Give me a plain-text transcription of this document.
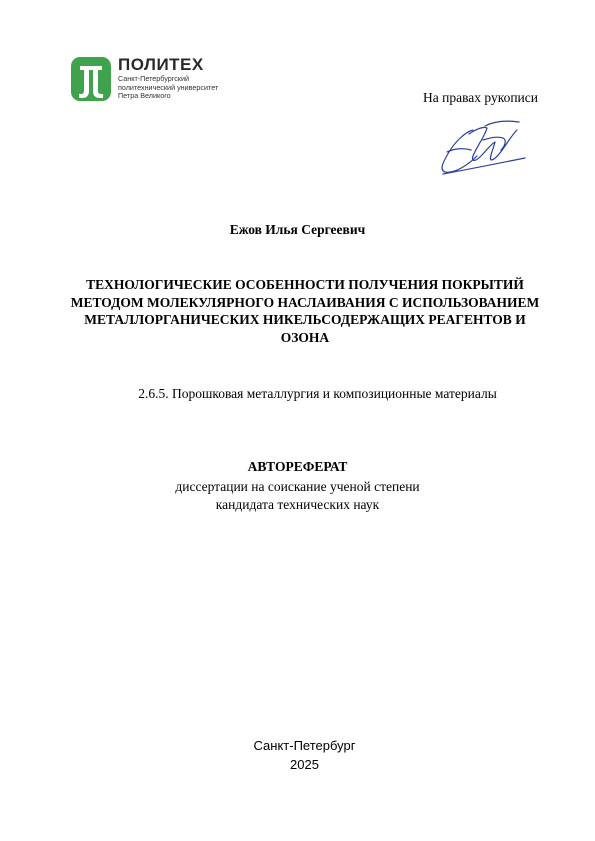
ПОЛИТЕХ
Санкт-Петербургский
политехнический университет
Петра Великого	На правах рукописи
Ежов Илья Сергеевич
ТЕХНОЛОГИЧЕСКИЕ ОСОБЕННОСТИ ПОЛУЧЕНИЯ ПОКРЫТИЙ
МЕТОДОМ МОЛЕКУЛЯРНОГО НАСЛАИВАНИЯ С ИСПОЛЬЗОВАНИЕМ
МЕТАЛЛОРГАНИЧЕСКИХ НИКЕЛЬСОДЕРЖАЩИХ РЕАГЕНТОВ И
ОЗОНА
2.6.5. Порошковая металлургия и композиционные материалы
АВТОРЕФЕРАТ
диссертации на соискание ученой степени
кандидата технических наук
Санкт-Петербург
2025
